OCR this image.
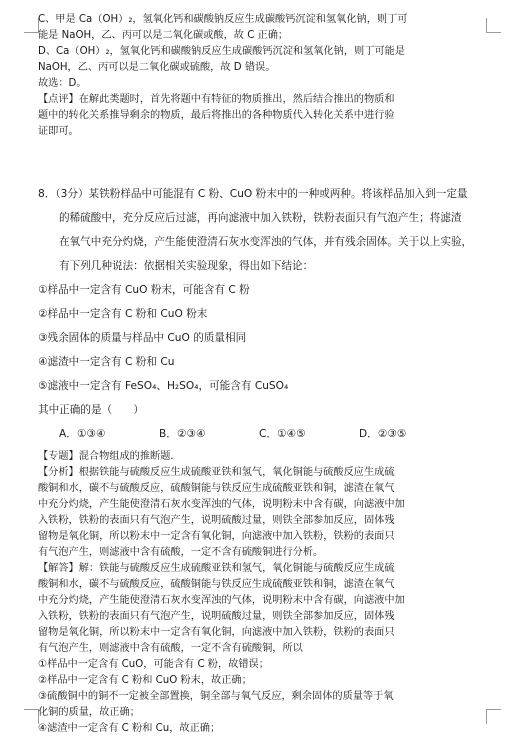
C、甲是 Ca（OH）₂，氢氧化钙和碳酸钠反应生成碳酸钙沉淀和氢氧化钠，则丁可
能是 NaOH，乙、丙可以是二氧化碳或酸，故 C 正确；
D、Ca（OH）₂，氢氧化钙和碳酸钠反应生成碳酸钙沉淀和氢氧化钠，则丁可能是
NaOH，乙、丙可以是二氧化碳或硫酸，故 D 错误。
故选：D。
【点评】在解此类题时，首先将题中有特征的物质推出，然后结合推出的物质和
题中的转化关系推导剩余的物质，最后将推出的各种物质代入转化关系中进行验
证即可。
8．（3分）某铁粉样品中可能混有 C 粉、CuO 粉末中的一种或两种。将该样品加入到一定量
的稀硫酸中，充分反应后过滤，再向滤液中加入铁粉，铁粉表面只有气泡产生；将滤渣
在氧气中充分灼烧，产生能使澄清石灰水变浑浊的气体，并有残余固体。关于以上实验，
有下列几种说法：依据相关实验现象，得出如下结论：
①样品中一定含有 CuO 粉末，可能含有 C 粉
②样品中一定含有 C 粉和 CuO 粉末
③残余固体的质量与样品中 CuO 的质量相同
④滤渣中一定含有 C 粉和 Cu
⑤滤液中一定含有 FeSO₄、H₂SO₄，可能含有 CuSO₄
其中正确的是（　　）
A．①③④	B．②③④	C．①④⑤	D．②③⑤
【专题】混合物组成的推断题．
【分析】根据铁能与硫酸反应生成硫酸亚铁和氢气，氧化铜能与硫酸反应生成硫
酸铜和水，碳不与硫酸反应，硫酸铜能与铁反应生成硫酸亚铁和铜，滤渣在氧气
中充分灼烧，产生能使澄清石灰水变浑浊的气体，说明粉末中含有碳，向滤液中加
入铁粉，铁粉的表面只有气泡产生，说明硫酸过量，则铁全部参加反应，固体残
留物是氧化铜，所以粉末中一定含有氧化铜，向滤液中加入铁粉，铁粉的表面只
有气泡产生，则滤液中含有硫酸，一定不含有硫酸铜进行分析。
【解答】解：铁能与硫酸反应生成硫酸亚铁和氢气，氧化铜能与硫酸反应生成硫
酸铜和水，碳不与硫酸反应，硫酸铜能与铁反应生成硫酸亚铁和铜，滤渣在氧气
中充分灼烧，产生能使澄清石灰水变浑浊的气体，说明粉末中含有碳，向滤液中加
入铁粉，铁粉的表面只有气泡产生，说明硫酸过量，则铁全部参加反应，固体残
留物是氧化铜，所以粉末中一定含有氧化铜，向滤液中加入铁粉，铁粉的表面只
有气泡产生，则滤液中含有硫酸，一定不含有硫酸铜，所以
①样品中一定含有 CuO，可能含有 C 粉，故错误；
②样品中一定含有 C 粉和 CuO 粉末，故正确；
③硫酸铜中的铜不一定被全部置换，铜全部与氧气反应，剩余固体的质量等于氧
化铜的质量，故正确；
④滤渣中一定含有 C 粉和 Cu，故正确；
